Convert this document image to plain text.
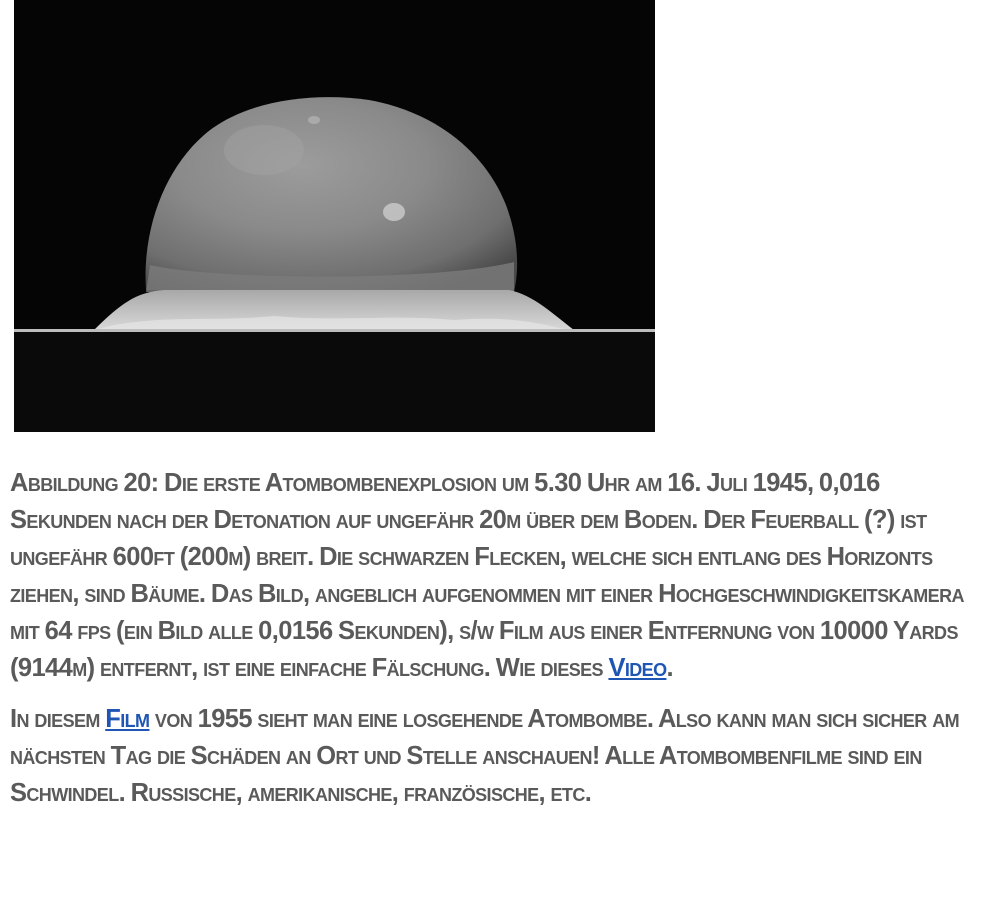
Abbildung 20: Die erste Atombombenexplosion um 5.30 Uhr am 16. Juli 1945, 0,016 Sekunden nach der Detonation auf ungefähr 20m über dem Boden. Der Feuerball (?) ist ungefähr 600ft (200m) breit. Die schwarzen Flecken, welche sich entlang des Horizonts ziehen, sind Bäume. Das Bild, angeblich aufgenommen mit einer Hochgeschwindigkeitskamera mit 64 fps (ein Bild alle 0,0156 Sekunden), s/w Film aus einer Entfernung von 10000 Yards (9144m) entfernt, ist eine einfache Fälschung. Wie dieses Video.

In diesem Film von 1955 sieht man eine losgehende Atombombe. Also kann man sich sicher am nächsten Tag die Schäden an Ort und Stelle anschauen! Alle Atombombenfilme sind ein Schwindel. Russische, amerikanische, französische, etc.
